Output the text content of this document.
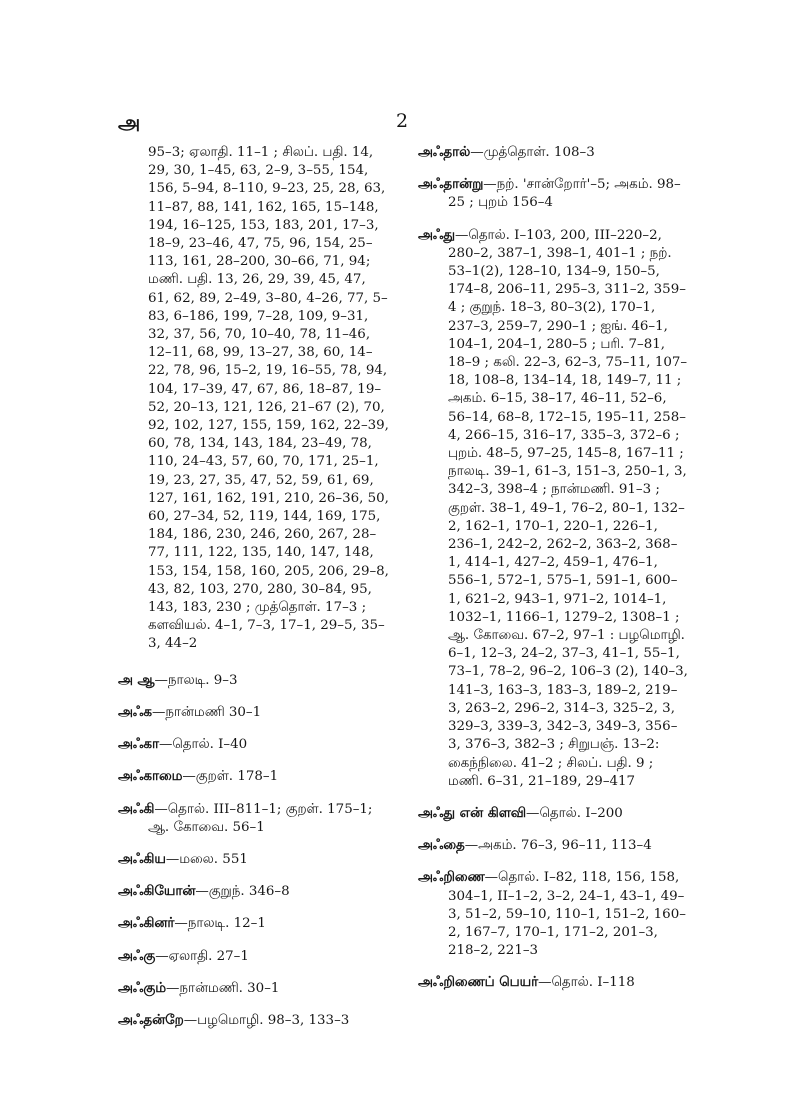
அ	2

95–3; ஏலாதி. 11–1 ; சிலப். பதி. 14, 29, 30, 1–45, 63, 2–9, 3–55, 154, 156, 5–94, 8–110, 9–23, 25, 28, 63, 11–87, 88, 141, 162, 165, 15–148, 194, 16–125, 153, 183, 201, 17–3, 18–9, 23–46, 47, 75, 96, 154, 25–113, 161, 28–200, 30–66, 71, 94; மணி. பதி. 13, 26, 29, 39, 45, 47, 61, 62, 89, 2–49, 3–80, 4–26, 77, 5–83, 6–186, 199, 7–28, 109, 9–31, 32, 37, 56, 70, 10–40, 78, 11–46, 12–11, 68, 99, 13–27, 38, 60, 14–22, 78, 96, 15–2, 19, 16–55, 78, 94, 104, 17–39, 47, 67, 86, 18–87, 19–52, 20–13, 121, 126, 21–67 (2), 70, 92, 102, 127, 155, 159, 162, 22–39, 60, 78, 134, 143, 184, 23–49, 78, 110, 24–43, 57, 60, 70, 171, 25–1, 19, 23, 27, 35, 47, 52, 59, 61, 69, 127, 161, 162, 191, 210, 26–36, 50, 60, 27–34, 52, 119, 144, 169, 175, 184, 186, 230, 246, 260, 267, 28–77, 111, 122, 135, 140, 147, 148, 153, 154, 158, 160, 205, 206, 29–8, 43, 82, 103, 270, 280, 30–84, 95, 143, 183, 230 ; முத்தொள். 17–3 ; களவியல். 4–1, 7–3, 17–1, 29–5, 35–3, 44–2

அ ஆ—நாலடி. 9–3

அஃக—நான்மணி 30–1

அஃகா—தொல். I–40

அஃகாமை—குறள். 178–1

அஃகி—தொல். III–811–1; குறள். 175–1; ஆ. கோவை. 56–1

அஃகிய—மலை. 551

அஃகியோன்—குறுந். 346–8

அஃகினர்—நாலடி. 12–1

அஃகு—ஏலாதி. 27–1

அஃகும்—நான்மணி. 30–1

அஃதன்றே—பழமொழி. 98–3, 133–3

அஃதால்—முத்தொள். 108–3

அஃதான்று—நற். 'சான்றோர்'–5; அகம். 98–25 ; புறம் 156–4

அஃது—தொல். I–103, 200, III–220–2, 280–2, 387–1, 398–1, 401–1 ; நற். 53–1(2), 128–10, 134–9, 150–5, 174–8, 206–11, 295–3, 311–2, 359–4 ; குறுந். 18–3, 80–3(2), 170–1, 237–3, 259–7, 290–1 ; ஐங். 46–1, 104–1, 204–1, 280–5 ; பரி. 7–81, 18–9 ; கலி. 22–3, 62–3, 75–11, 107–18, 108–8, 134–14, 18, 149–7, 11 ; அகம். 6–15, 38–17, 46–11, 52–6, 56–14, 68–8, 172–15, 195–11, 258–4, 266–15, 316–17, 335–3, 372–6 ; புறம். 48–5, 97–25, 145–8, 167–11 ; நாலடி. 39–1, 61–3, 151–3, 250–1, 3, 342–3, 398–4 ; நான்மணி. 91–3 ; குறள். 38–1, 49–1, 76–2, 80–1, 132–2, 162–1, 170–1, 220–1, 226–1, 236–1, 242–2, 262–2, 363–2, 368–1, 414–1, 427–2, 459–1, 476–1, 556–1, 572–1, 575–1, 591–1, 600–1, 621–2, 943–1, 971–2, 1014–1, 1032–1, 1166–1, 1279–2, 1308–1 ; ஆ. கோவை. 67–2, 97–1 : பழமொழி. 6–1, 12–3, 24–2, 37–3, 41–1, 55–1, 73–1, 78–2, 96–2, 106–3 (2), 140–3, 141–3, 163–3, 183–3, 189–2, 219–3, 263–2, 296–2, 314–3, 325–2, 3, 329–3, 339–3, 342–3, 349–3, 356–3, 376–3, 382–3 ; சிறுபஞ். 13–2: கைந்நிலை. 41–2 ; சிலப். பதி. 9 ; மணி. 6–31, 21–189, 29–417

அஃது என் கிளவி—தொல். I–200

அஃதை—அகம். 76–3, 96–11, 113–4

அஃறிணை—தொல். I–82, 118, 156, 158, 304–1, II–1–2, 3–2, 24–1, 43–1, 49–3, 51–2, 59–10, 110–1, 151–2, 160–2, 167–7, 170–1, 171–2, 201–3, 218–2, 221–3

அஃறிணைப் பெயர்—தொல். I–118
